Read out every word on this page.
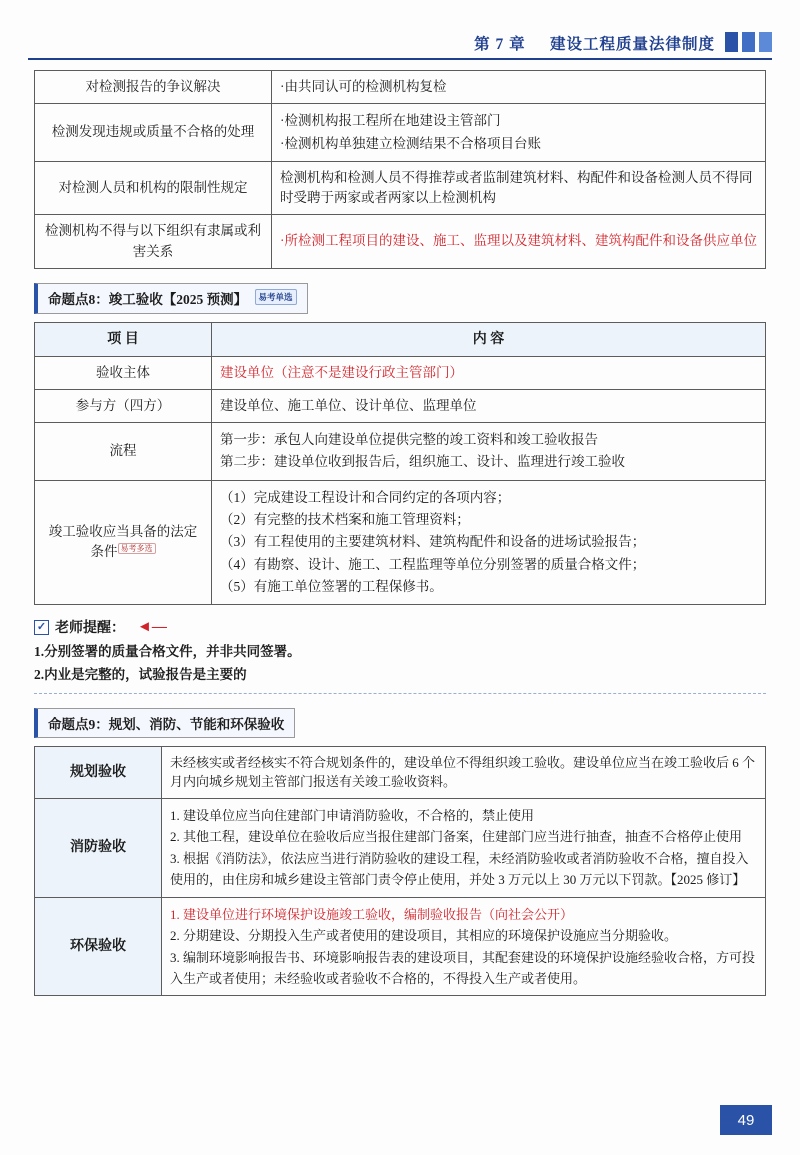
第 7 章 建设工程质量法律制度
对检测报告的争议解决	·由共同认可的检测机构复检
检测发现违规或质量不合格的处理	·检测机构报工程所在地建设主管部门
·检测机构单独建立检测结果不合格项目台账

对检测人员和机构的限制性规定	检测机构和检测人员不得推荐或者监制建筑材料、构配件和设备检测人员不得同时受聘于两家或者两家以上检测机构
检测机构不得与以下组织有隶属或利害关系	·所检测工程项目的建设、施工、监理以及建筑材料、建筑构配件和设备供应单位
命题点8：竣工验收【2025 预测】 易考单选
项 目	内 容
验收主体	建设单位（注意不是建设行政主管部门）
参与方（四方）	建设单位、施工单位、设计单位、监理单位
流程	第一步：承包人向建设单位提供完整的竣工资料和竣工验收报告
第二步：建设单位收到报告后，组织施工、设计、监理进行竣工验收

竣工验收应当具备的法定条件 $^{易考多选}$	（1）完成建设工程设计和合同约定的各项内容；
（2）有完整的技术档案和施工管理资料；
（3）有工程使用的主要建筑材料、建筑构配件和设备的进场试验报告；
（4）有勘察、设计、施工、工程监理等单位分别签署的质量合格文件；
（5）有施工单位签署的工程保修书。
✓ 老师提醒： ◄—
1.分别签署的质量合格文件，并非共同签署。
2.内业是完整的，试验报告是主要的
命题点9：规划、消防、节能和环保验收
规划验收	未经核实或者经核实不符合规划条件的，建设单位不得组织竣工验收。建设单位应当在竣工验收后 6 个月内向城乡规划主管部门报送有关竣工验收资料。
消防验收	1. 建设单位应当向住建部门申请消防验收，不合格的，禁止使用
2. 其他工程，建设单位在验收后应当报住建部门备案，住建部门应当进行抽查，抽查不合格停止使用
3. 根据《消防法》，依法应当进行消防验收的建设工程，未经消防验收或者消防验收不合格，擅自投入使用的，由住房和城乡建设主管部门责令停止使用，并处 3 万元以上 30 万元以下罚款。【2025 修订】

环保验收	1. 建设单位进行环境保护设施竣工验收，编制验收报告（向社会公开）
2. 分期建设、分期投入生产或者使用的建设项目，其相应的环境保护设施应当分期验收。
3. 编制环境影响报告书、环境影响报告表的建设项目，其配套建设的环境保护设施经验收合格，方可投入生产或者使用；未经验收或者验收不合格的，不得投入生产或者使用。
49
